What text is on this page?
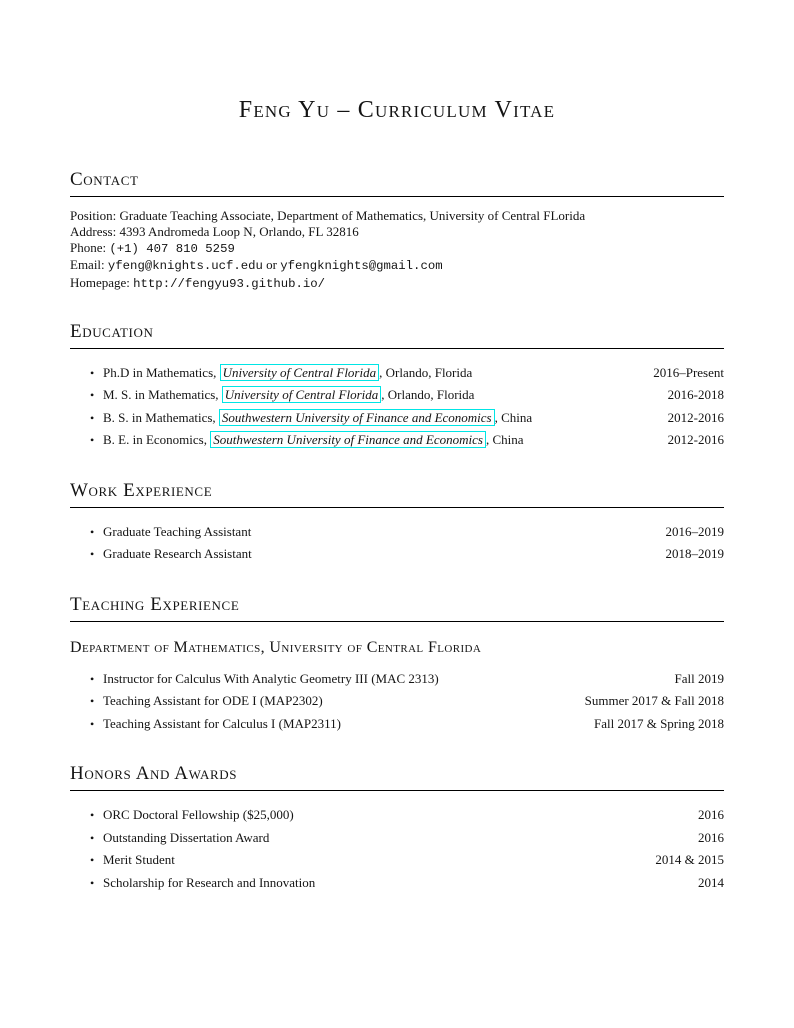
Feng Yu – Curriculum Vitae
Contact
Position: Graduate Teaching Associate, Department of Mathematics, University of Central FLorida
Address: 4393 Andromeda Loop N, Orlando, FL 32816
Phone: (+1) 407 810 5259
Email: yfeng@knights.ucf.edu or yfengknights@gmail.com
Homepage: http://fengyu93.github.io/
Education
• Ph.D in Mathematics, University of Central Florida , Orlando, Florida	2016–Present
• M. S. in Mathematics, University of Central Florida , Orlando, Florida	2016-2018
• B. S. in Mathematics, Southwestern University of Finance and Economics , China	2012-2016
• B. E. in Economics, Southwestern University of Finance and Economics , China	2012-2016
Work Experience
• Graduate Teaching Assistant	2016–2019
• Graduate Research Assistant	2018–2019
Teaching Experience
Department of Mathematics, University of Central Florida
• Instructor for Calculus With Analytic Geometry III (MAC 2313)	Fall 2019
• Teaching Assistant for ODE I (MAP2302)	Summer 2017 & Fall 2018
• Teaching Assistant for Calculus I (MAP2311)	Fall 2017 & Spring 2018
Honors And Awards
• ORC Doctoral Fellowship ($25,000)	2016
• Outstanding Dissertation Award	2016
• Merit Student	2014 & 2015
• Scholarship for Research and Innovation	2014
